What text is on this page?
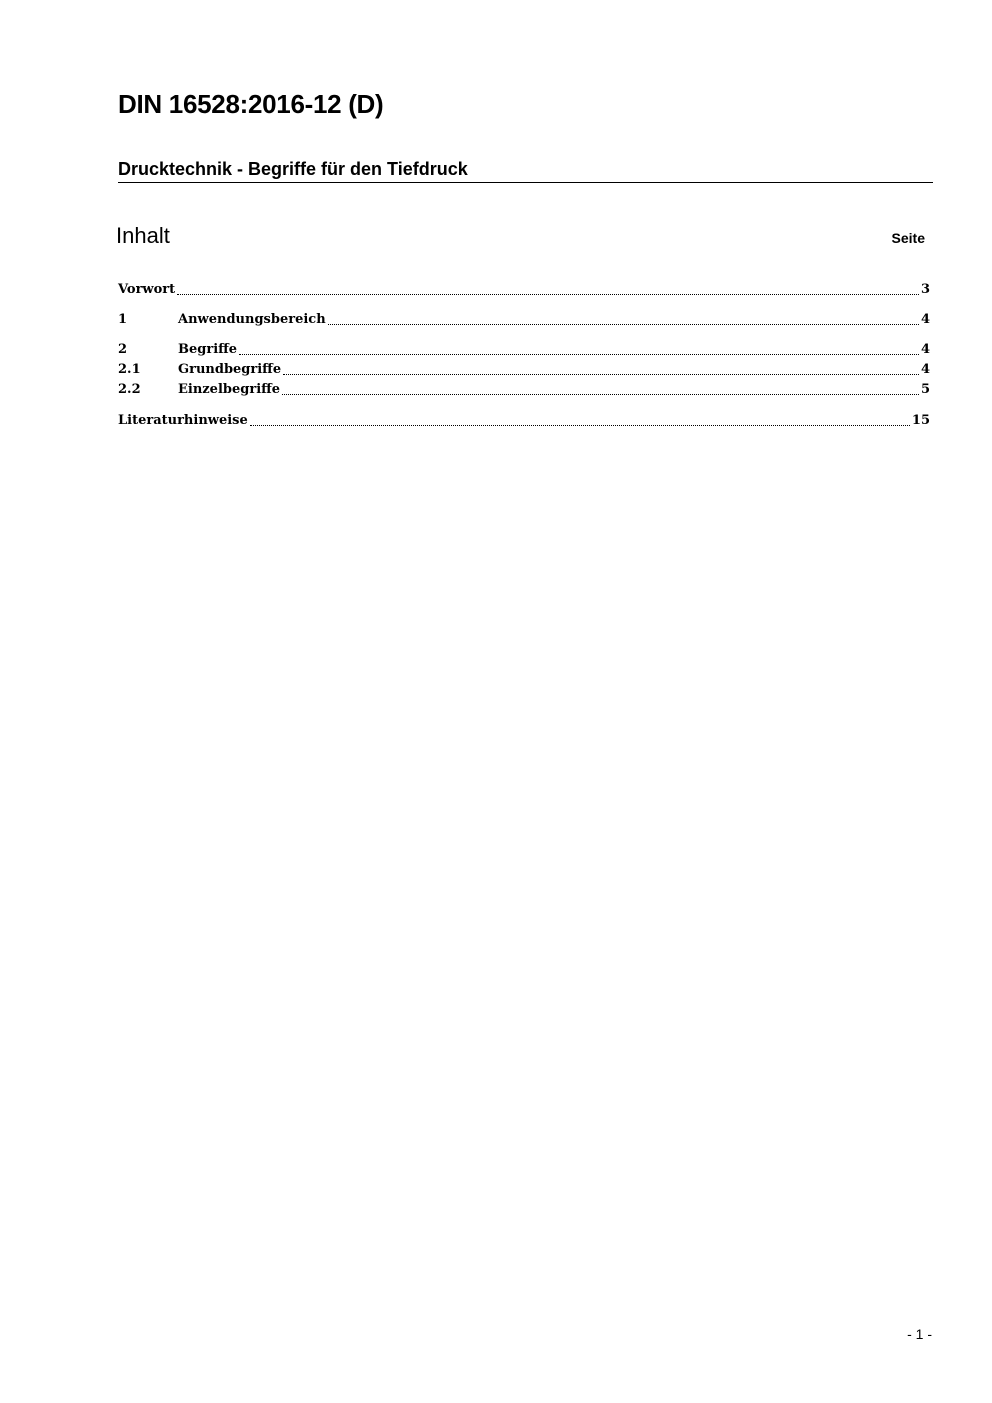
DIN 16528:2016-12 (D)
Drucktechnik - Begriffe für den Tiefdruck
Inhalt	Seite
Vorwort	3
1	Anwendungsbereich	4
2	Begriffe	4
2.1	Grundbegriffe	4
2.2	Einzelbegriffe	5
Literaturhinweise	15
- 1 -
